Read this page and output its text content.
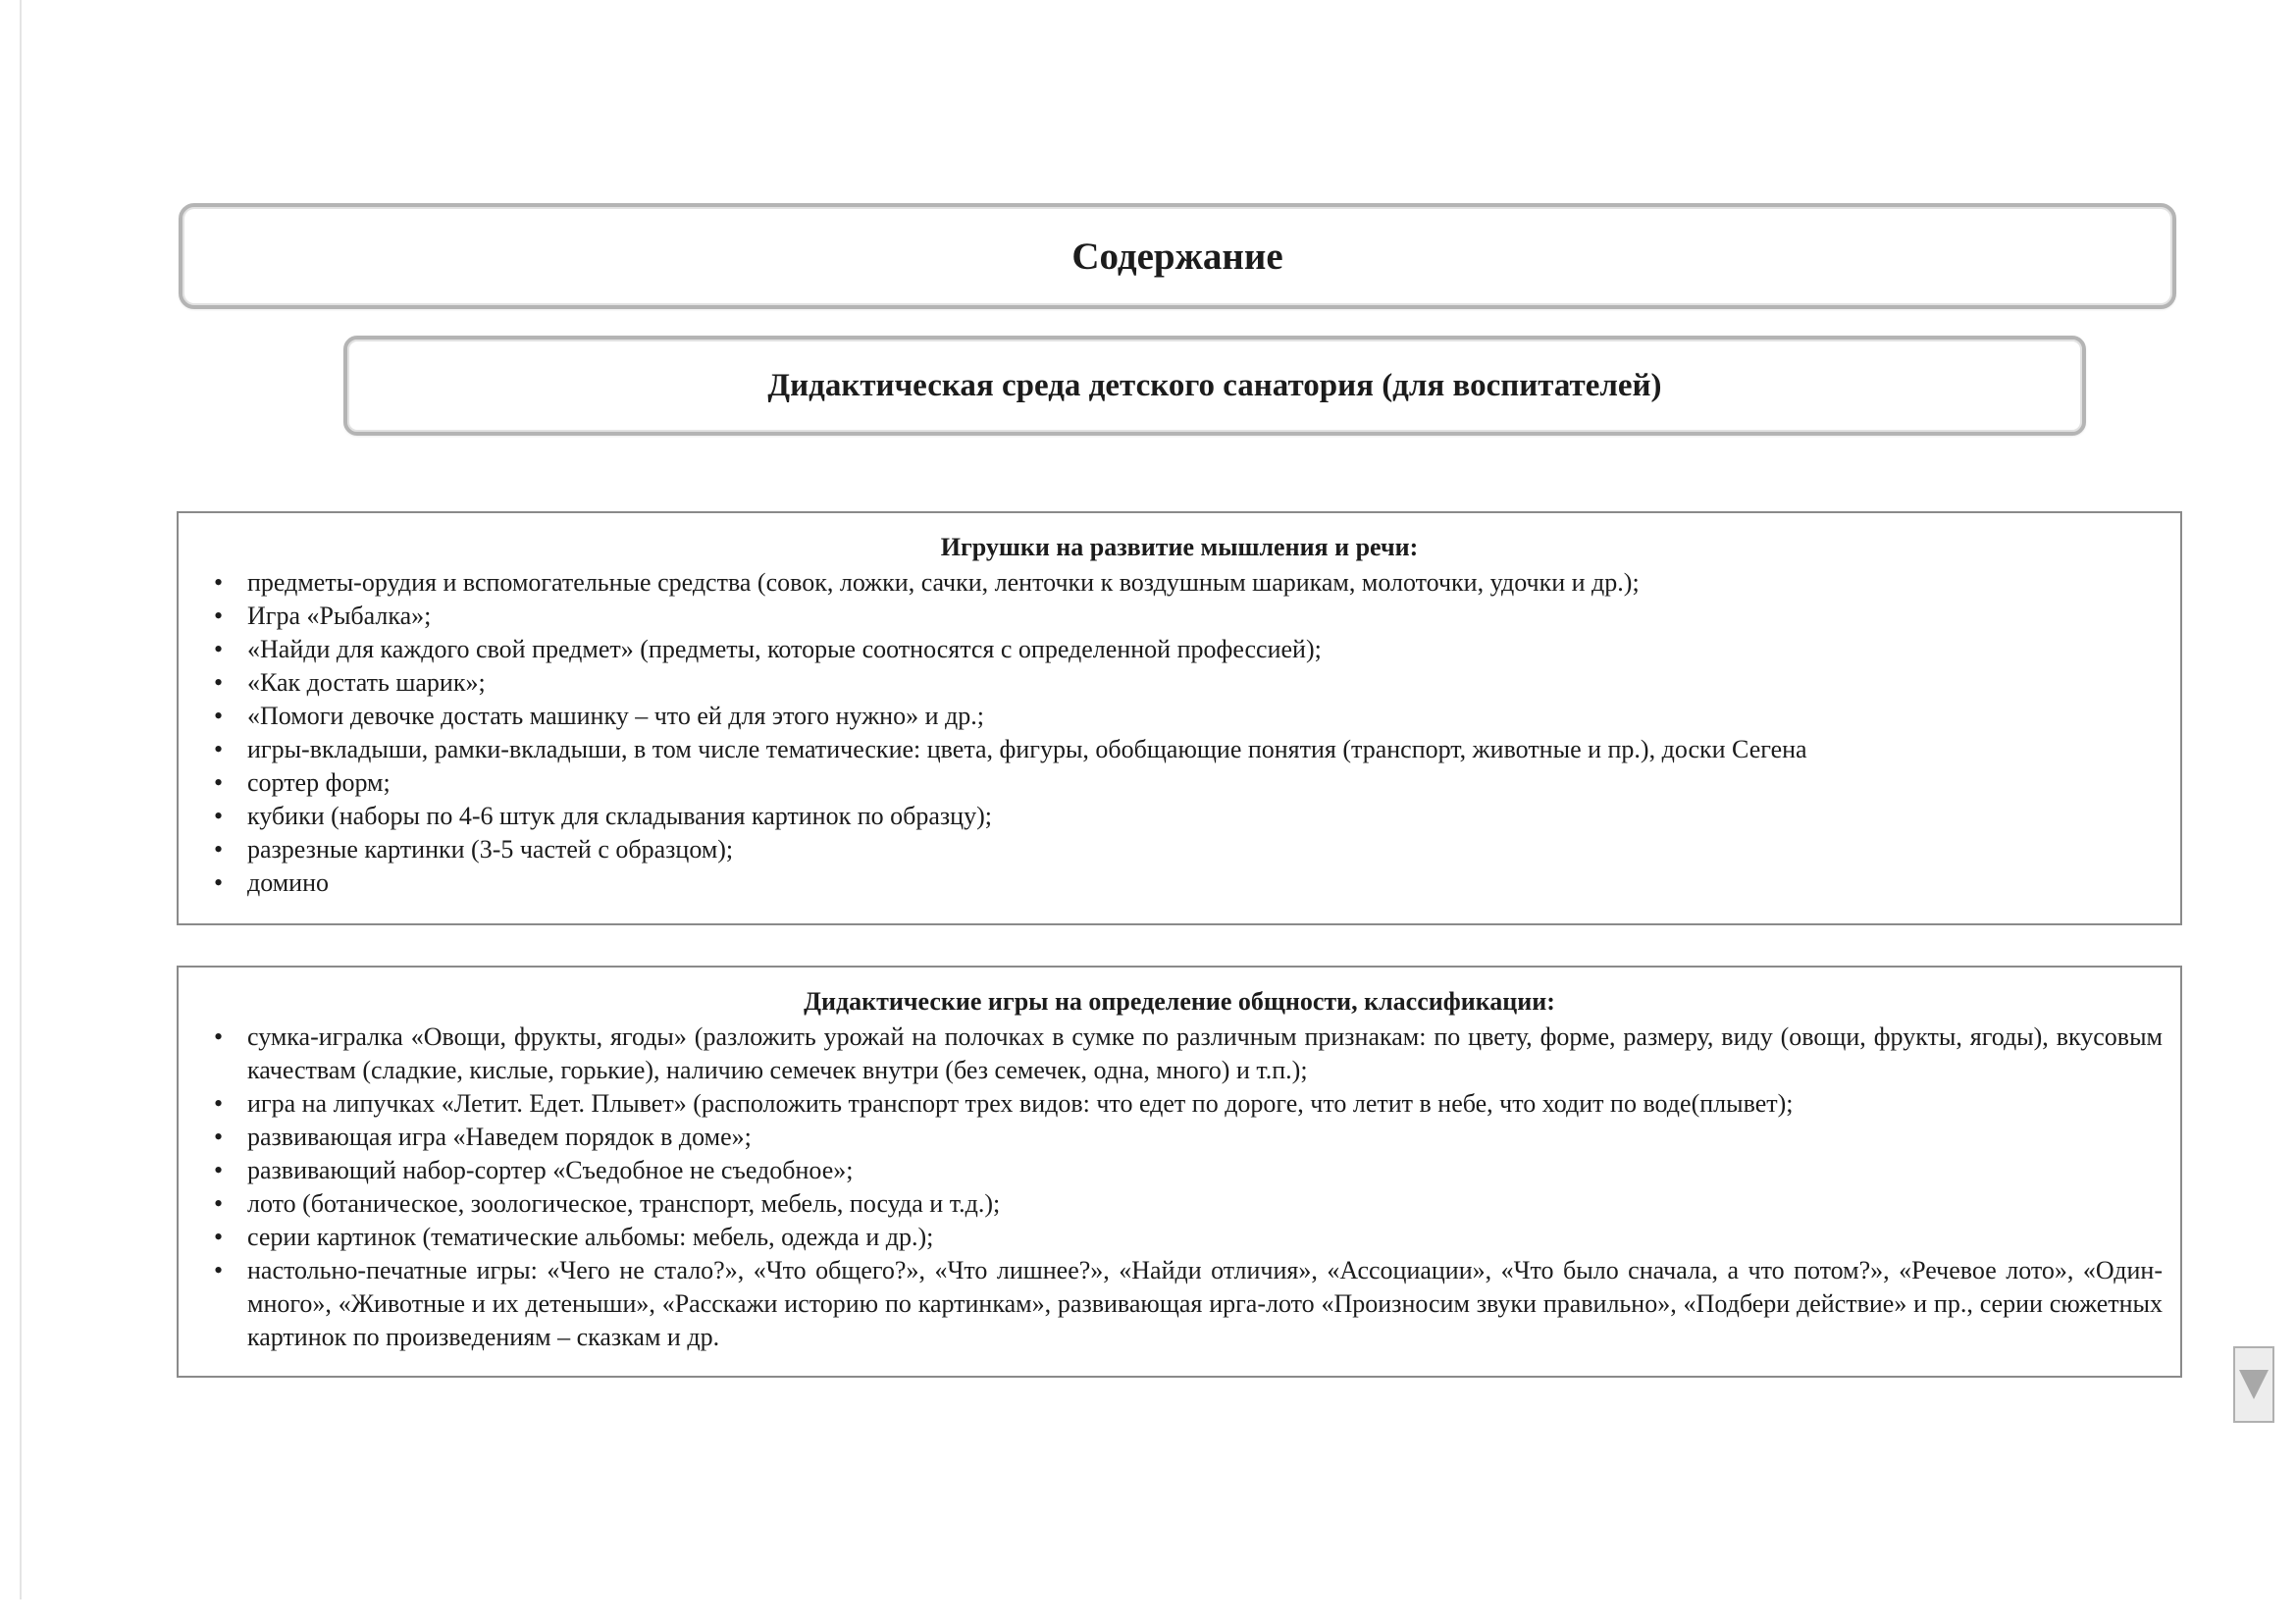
Содержание
Дидактическая среда детского санатория (для воспитателей)
Игрушки на развитие мышления и речи:
• предметы-орудия и вспомогательные средства (совок, ложки, сачки, ленточки к воздушным шарикам, молоточки, удочки и др.);
• Игра «Рыбалка»;
• «Найди для каждого свой предмет» (предметы, которые соотносятся с определенной профессией);
• «Как достать шарик»;
• «Помоги девочке достать машинку – что ей для этого нужно» и др.;
• игры-вкладыши, рамки-вкладыши, в том числе тематические: цвета, фигуры, обобщающие понятия (транспорт, животные и пр.), доски Сегена
• сортер форм;
• кубики (наборы по 4-6 штук для складывания картинок по образцу);
• разрезные картинки (3-5 частей с образцом);
• домино
Дидактические игры на определение общности, классификации:
• сумка-игралка «Овощи, фрукты, ягоды» (разложить урожай на полочках в сумке по различным признакам: по цвету, форме, размеру, виду (овощи, фрукты, ягоды), вкусовым качествам (сладкие, кислые, горькие), наличию семечек внутри (без семечек, одна, много) и т.п.);
• игра на липучках «Летит. Едет. Плывет» (расположить транспорт трех видов: что едет по дороге, что летит в небе, что ходит по воде(плывет);
• развивающая игра «Наведем порядок в доме»;
• развивающий набор-сортер «Съедобное не съедобное»;
• лото (ботаническое, зоологическое, транспорт, мебель, посуда и т.д.);
• серии картинок (тематические альбомы: мебель, одежда и др.);
• настольно-печатные игры: «Чего не стало?», «Что общего?», «Что лишнее?», «Найди отличия», «Ассоциации», «Что было сначала, а что потом?», «Речевое лото», «Один-много», «Животные и их детеныши», «Расскажи историю по картинкам», развивающая ирга-лото «Произносим звуки правильно», «Подбери действие» и пр., серии сюжетных картинок по произведениям – сказкам и др.
